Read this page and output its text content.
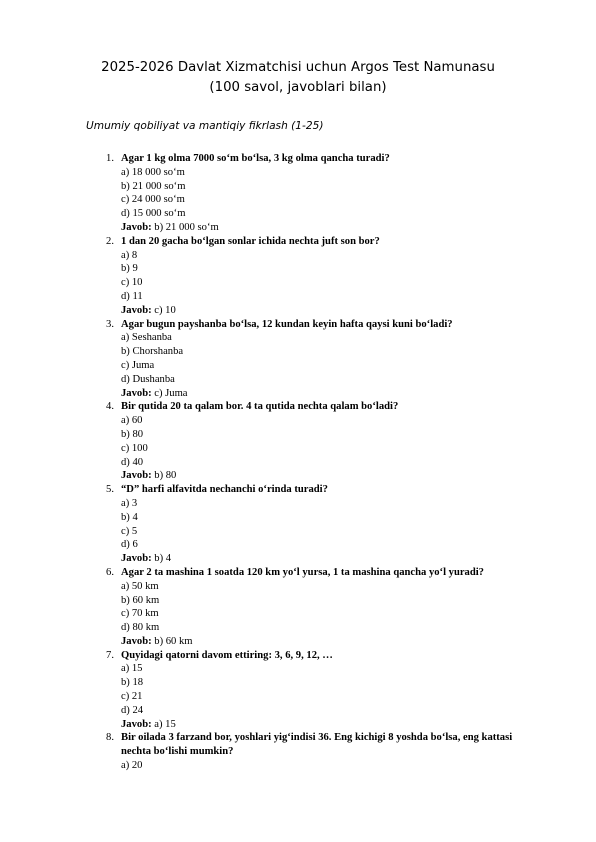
2025-2026 Davlat Xizmatchisi uchun Argos Test Namunasu
(100 savol, javoblari bilan)
Umumiy qobiliyat va mantiqiy fikrlash (1-25)
1. Agar 1 kg olma 7000 so‘m bo‘lsa, 3 kg olma qancha turadi?
a) 18 000 so‘m
b) 21 000 so‘m
c) 24 000 so‘m
d) 15 000 so‘m
Javob: b) 21 000 so‘m
2. 1 dan 20 gacha bo‘lgan sonlar ichida nechta juft son bor?
a) 8
b) 9
c) 10
d) 11
Javob: c) 10
3. Agar bugun payshanba bo‘lsa, 12 kundan keyin hafta qaysi kuni bo‘ladi?
a) Seshanba
b) Chorshanba
c) Juma
d) Dushanba
Javob: c) Juma
4. Bir qutida 20 ta qalam bor. 4 ta qutida nechta qalam bo‘ladi?
a) 60
b) 80
c) 100
d) 40
Javob: b) 80
5. “D” harfi alfavitda nechanchi o‘rinda turadi?
a) 3
b) 4
c) 5
d) 6
Javob: b) 4
6. Agar 2 ta mashina 1 soatda 120 km yo‘l yursa, 1 ta mashina qancha yo‘l yuradi?
a) 50 km
b) 60 km
c) 70 km
d) 80 km
Javob: b) 60 km
7. Quyidagi qatorni davom ettiring: 3, 6, 9, 12, …
a) 15
b) 18
c) 21
d) 24
Javob: a) 15
8. Bir oilada 3 farzand bor, yoshlari yig‘indisi 36. Eng kichigi 8 yoshda bo‘lsa, eng kattasi nechta bo‘lishi mumkin?
a) 20
